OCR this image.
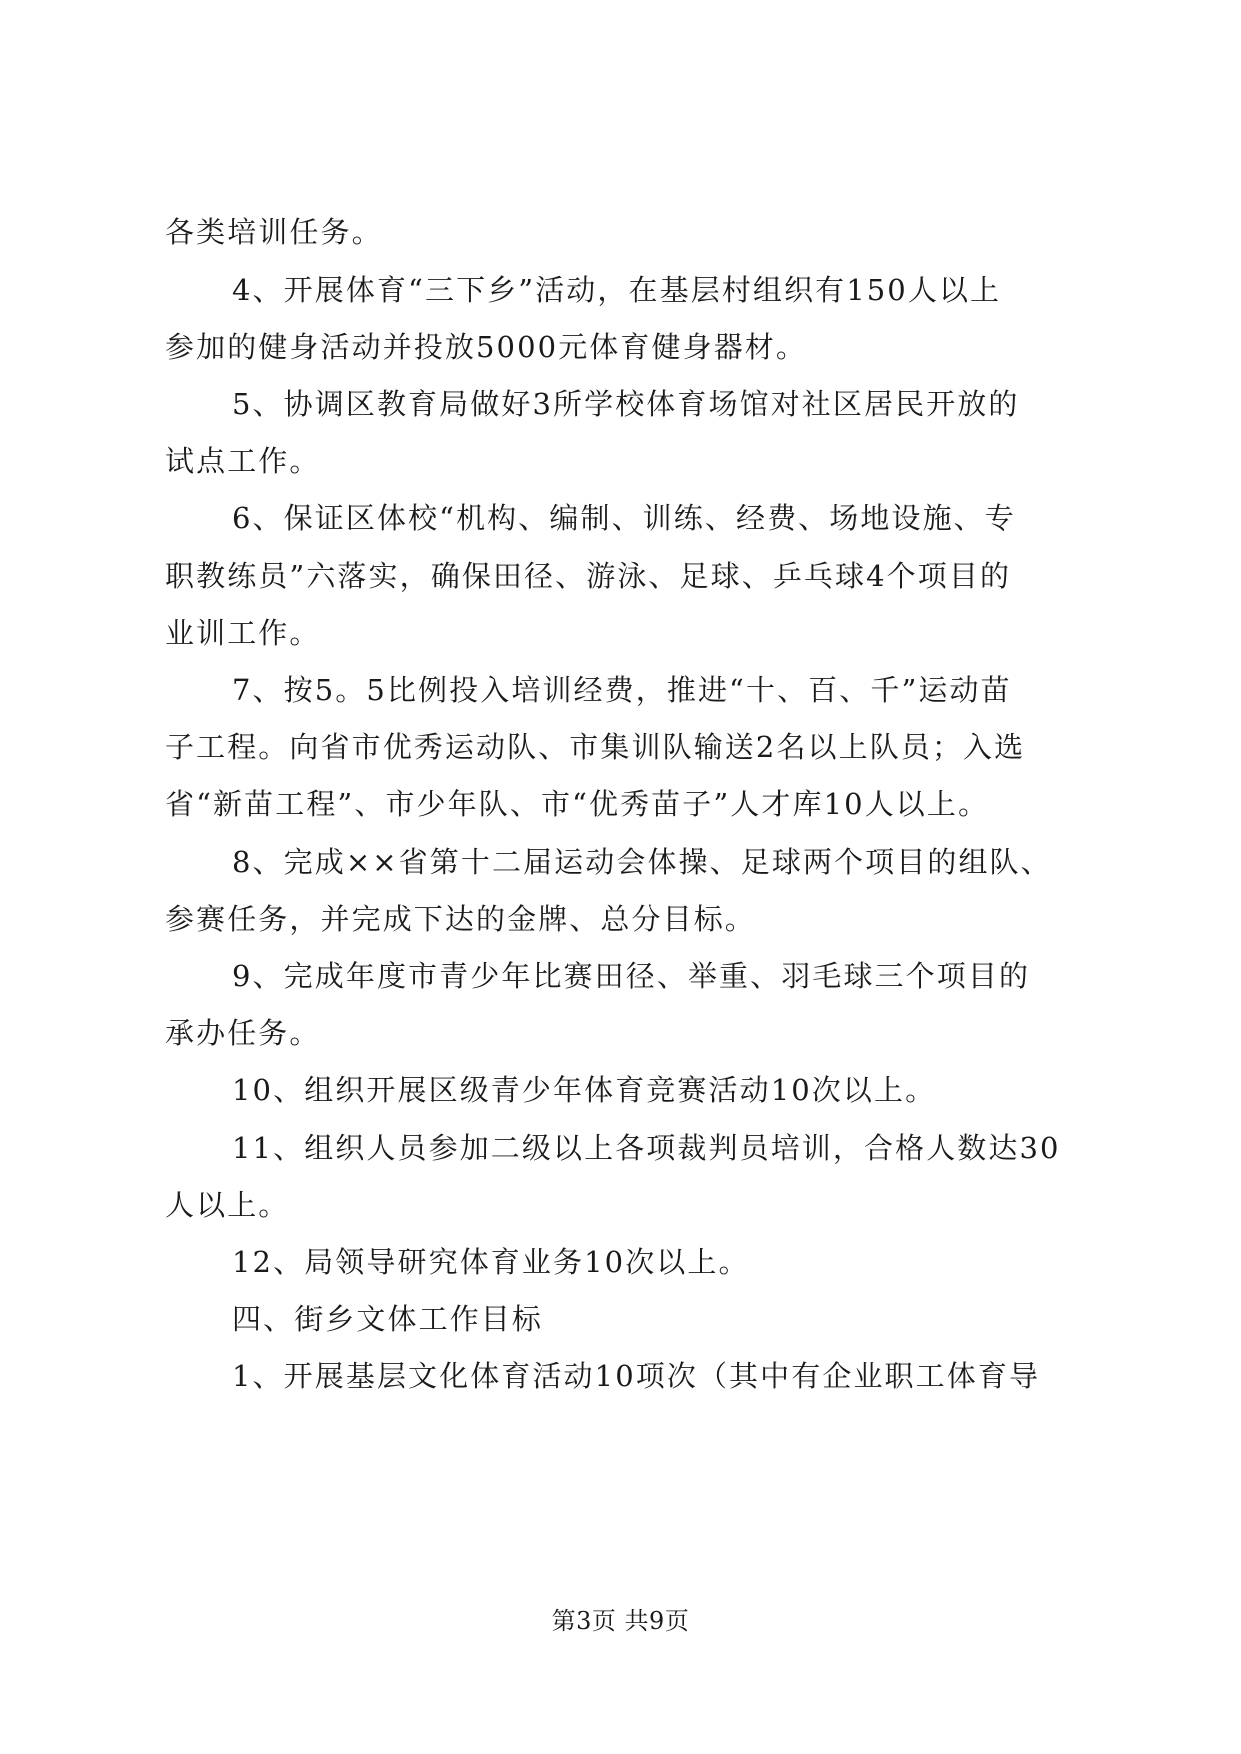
各类培训任务。
4、开展体育“三下乡”活动，在基层村组织有150人以上
参加的健身活动并投放5000元体育健身器材。
5、协调区教育局做好3所学校体育场馆对社区居民开放的
试点工作。
6、保证区体校“机构、编制、训练、经费、场地设施、专
职教练员”六落实，确保田径、游泳、足球、乒乓球4个项目的
业训工作。
7、按5。5比例投入培训经费，推进“十、百、千”运动苗
子工程。向省市优秀运动队、市集训队输送2名以上队员；入选
省“新苗工程”、市少年队、市“优秀苗子”人才库10人以上。
8、完成××省第十二届运动会体操、足球两个项目的组队、
参赛任务，并完成下达的金牌、总分目标。
9、完成年度市青少年比赛田径、举重、羽毛球三个项目的
承办任务。
10、组织开展区级青少年体育竞赛活动10次以上。
11、组织人员参加二级以上各项裁判员培训，合格人数达30
人以上。
12、局领导研究体育业务10次以上。
四、街乡文体工作目标
1、开展基层文化体育活动10项次（其中有企业职工体育导
第3页 共9页
